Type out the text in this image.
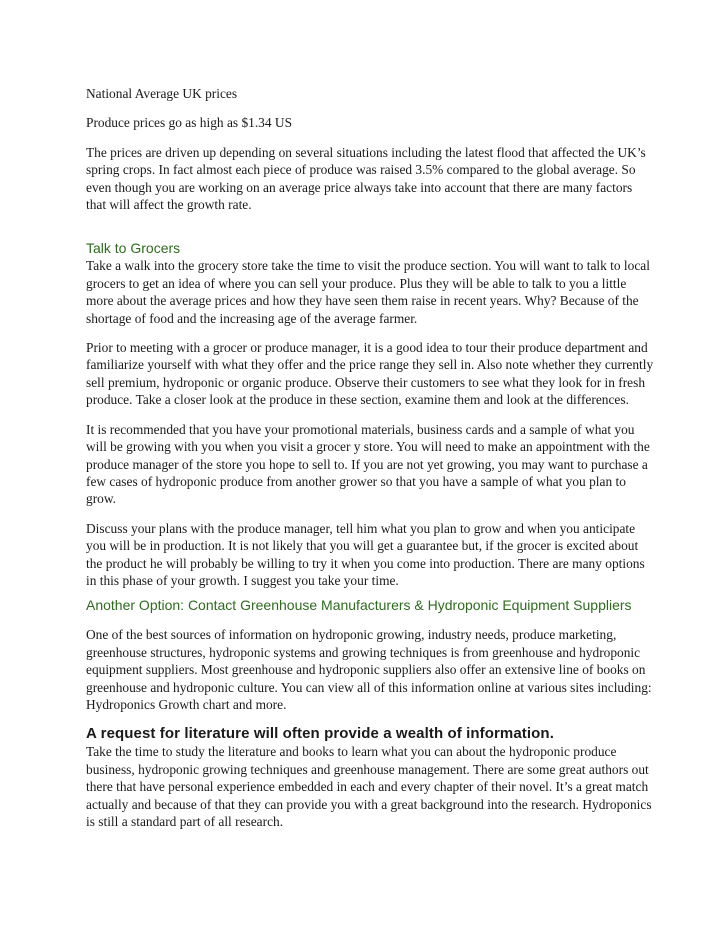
National Average UK prices

Produce prices go as high as $1.34 US

The prices are driven up depending on several situations including the latest flood that affected the UK’s spring crops. In fact almost each piece of produce was raised 3.5% compared to the global average. So even though you are working on an average price always take into account that there are many factors that will affect the growth rate.

Talk to Grocers

Take a walk into the grocery store take the time to visit the produce section. You will want to talk to local grocers to get an idea of where you can sell your produce. Plus they will be able to talk to you a little more about the average prices and how they have seen them raise in recent years. Why? Because of the shortage of food and the increasing age of the average farmer.

Prior to meeting with a grocer or produce manager, it is a good idea to tour their produce department and familiarize yourself with what they offer and the price range they sell in. Also note whether they currently sell premium, hydroponic or organic produce. Observe their customers to see what they look for in fresh produce. Take a closer look at the produce in these section, examine them and look at the differences.

It is recommended that you have your promotional materials, business cards and a sample of what you will be growing with you when you visit a grocer y store. You will need to make an appointment with the produce manager of the store you hope to sell to. If you are not yet growing, you may want to purchase a few cases of hydroponic produce from another grower so that you have a sample of what you plan to grow.

Discuss your plans with the produce manager, tell him what you plan to grow and when you anticipate you will be in production. It is not likely that you will get a guarantee but, if the grocer is excited about the product he will probably be willing to try it when you come into production. There are many options in this phase of your growth. I suggest you take your time.

Another Option: Contact Greenhouse Manufacturers & Hydroponic Equipment Suppliers

One of the best sources of information on hydroponic growing, industry needs, produce marketing, greenhouse structures, hydroponic systems and growing techniques is from greenhouse and hydroponic equipment suppliers. Most greenhouse and hydroponic suppliers also offer an extensive line of books on greenhouse and hydroponic culture. You can view all of this information online at various sites including: Hydroponics Growth chart and more.

A request for literature will often provide a wealth of information.

Take the time to study the literature and books to learn what you can about the hydroponic produce business, hydroponic growing techniques and greenhouse management. There are some great authors out there that have personal experience embedded in each and every chapter of their novel. It’s a great match actually and because of that they can provide you with a great background into the research. Hydroponics is still a standard part of all research.
